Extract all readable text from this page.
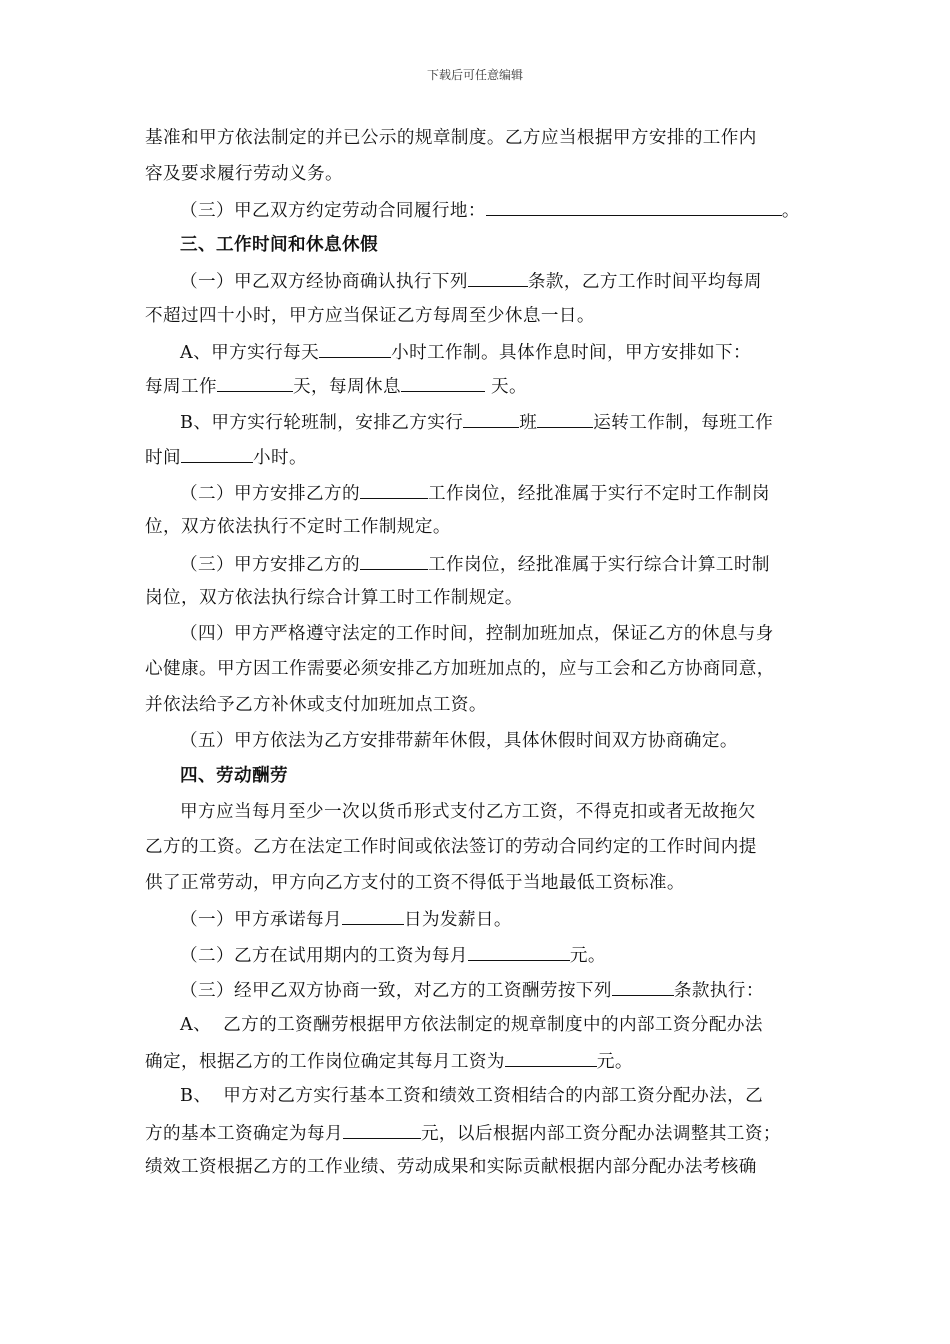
下载后可任意编辑
基准和甲方依法制定的并已公示的规章制度。乙方应当根据甲方安排的工作内
容及要求履行劳动义务。
（三）甲乙双方约定劳动合同履行地：	。
三、工作时间和休息休假
（一）甲乙双方经协商确认执行下列	条款，乙方工作时间平均每周
不超过四十小时，甲方应当保证乙方每周至少休息一日。
A、甲方实行每天	小时工作制。具体作息时间，甲方安排如下：
每周工作	天，每周休息	天。
B、甲方实行轮班制，安排乙方实行	班	运转工作制，每班工作
时间	小时。
（二）甲方安排乙方的	工作岗位，经批准属于实行不定时工作制岗
位，双方依法执行不定时工作制规定。
（三）甲方安排乙方的	工作岗位，经批准属于实行综合计算工时制
岗位，双方依法执行综合计算工时工作制规定。
（四）甲方严格遵守法定的工作时间，控制加班加点，保证乙方的休息与身
心健康。甲方因工作需要必须安排乙方加班加点的，应与工会和乙方协商同意，
并依法给予乙方补休或支付加班加点工资。
（五）甲方依法为乙方安排带薪年休假，具体休假时间双方协商确定。
四、劳动酬劳
甲方应当每月至少一次以货币形式支付乙方工资，不得克扣或者无故拖欠
乙方的工资。乙方在法定工作时间或依法签订的劳动合同约定的工作时间内提
供了正常劳动，甲方向乙方支付的工资不得低于当地最低工资标准。
（一）甲方承诺每月	日为发薪日。
（二）乙方在试用期内的工资为每月	元。
（三）经甲乙双方协商一致，对乙方的工资酬劳按下列	条款执行：
A、  乙方的工资酬劳根据甲方依法制定的规章制度中的内部工资分配办法
确定，根据乙方的工作岗位确定其每月工资为	元。
B、  甲方对乙方实行基本工资和绩效工资相结合的内部工资分配办法，乙
方的基本工资确定为每月	元，以后根据内部工资分配办法调整其工资；
绩效工资根据乙方的工作业绩、劳动成果和实际贡献根据内部分配办法考核确
